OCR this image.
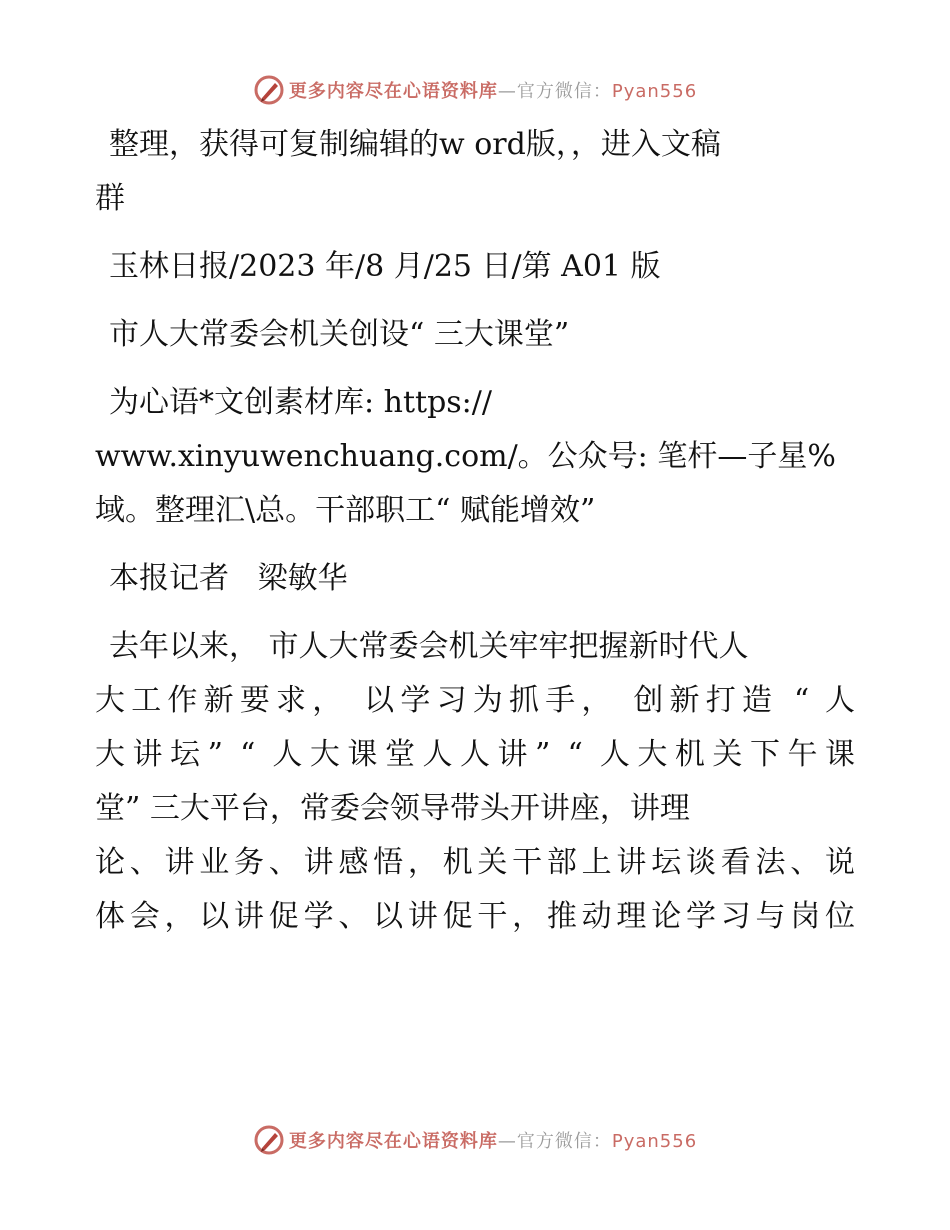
更多内容尽在心语资料库—官方微信：Pyan556
整理，获得可复制编辑的w ord版，，进入文稿
群
玉林日报/2023 年/8 月/25 日/第 A01 版
市人大常委会机关创设“ 三大课堂”
为心语*文创素材库: https://
www.xinyuwenchuang.com/。公众号: 笔杆—子星%
域。整理汇\总。干部职工“ 赋能增效”
本报记者   梁敏华
去年以来， 市人大常委会机关牢牢把握新时代人
大工作新要求， 以学习为抓手， 创新打造 “ 人
大讲坛” “ 人大课堂人人讲” “ 人大机关下午课
堂” 三大平台，常委会领导带头开讲座，讲理
论、讲业务、讲感悟，机关干部上讲坛谈看法、说
体会，以讲促学、以讲促干，推动理论学习与岗位
更多内容尽在心语资料库—官方微信：Pyan556
